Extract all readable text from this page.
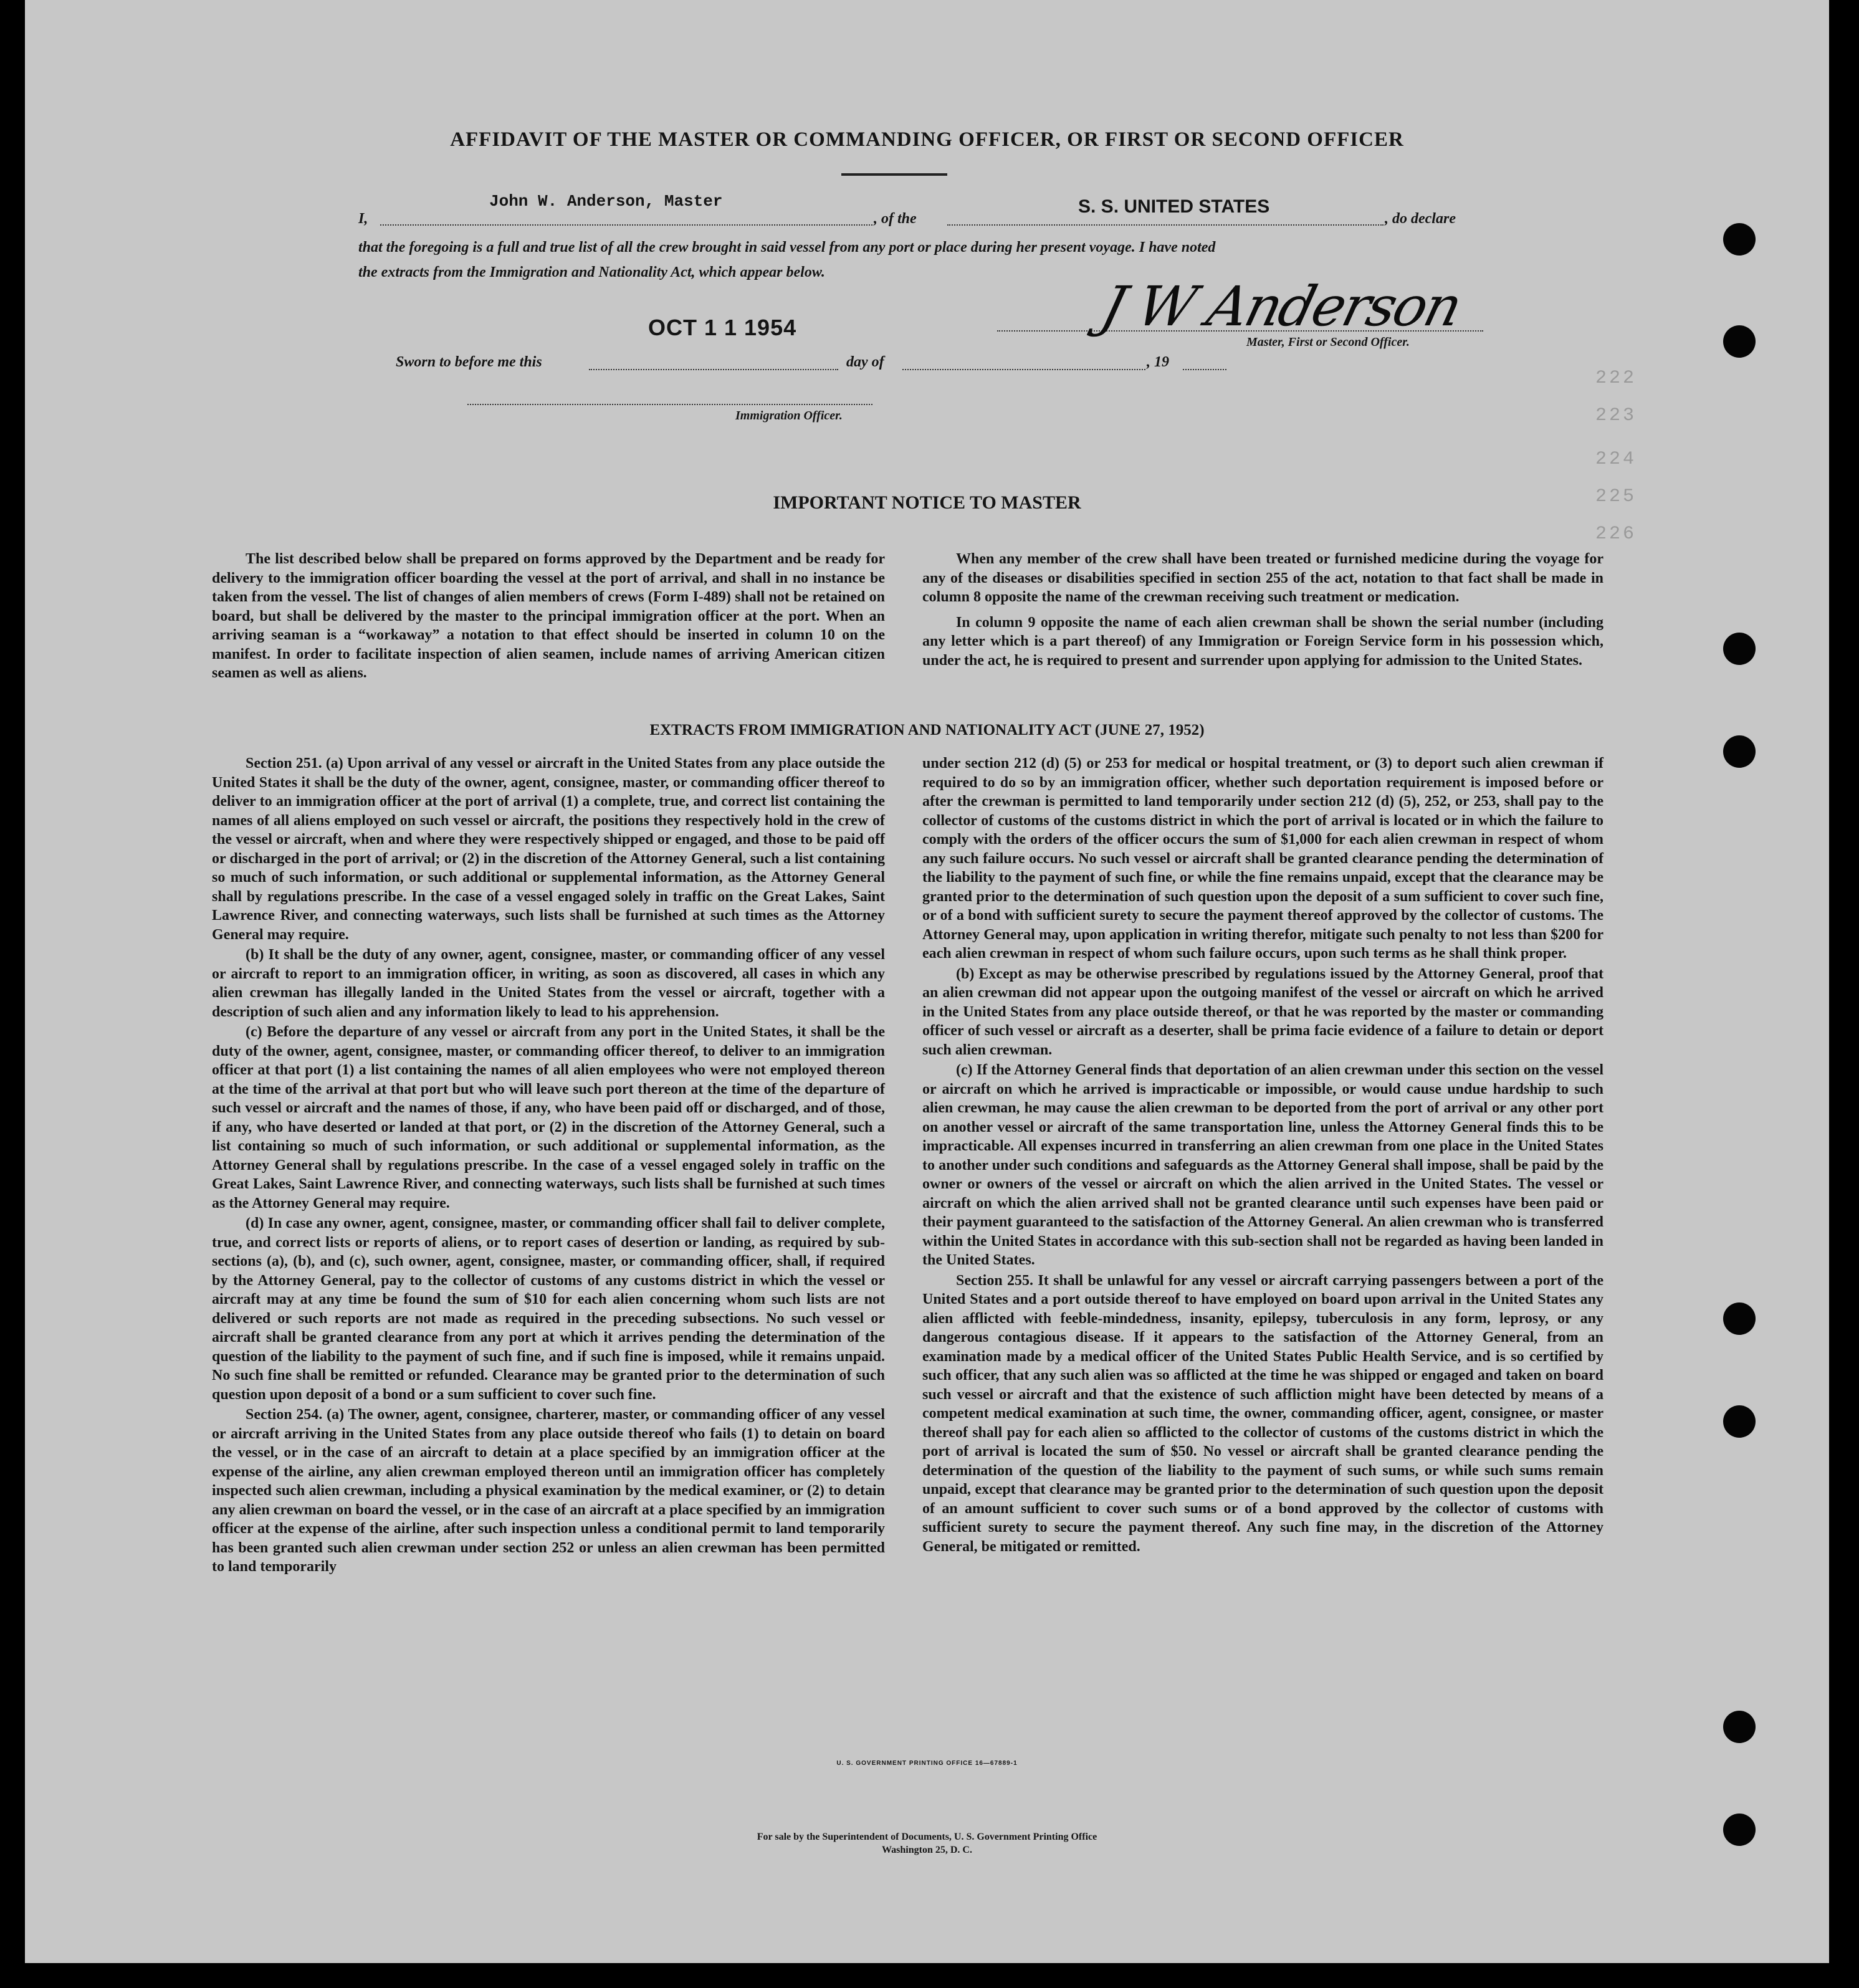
222
223
224
225
226
AFFIDAVIT OF THE MASTER OR COMMANDING OFFICER, OR FIRST OR SECOND OFFICER
I,
John W. Anderson, Master
, of the
S. S. UNITED STATES
, do declare
that the foregoing is a full and true list of all the crew brought in said vessel from any port or place during her present voyage. I have noted
the extracts from the Immigration and Nationality Act, which appear below.
OCT 1 1 1954	J W Anderson
Master, First or Second Officer.
Sworn to before me this	day of	, 19
Immigration Officer.
IMPORTANT NOTICE TO MASTER

The list described below shall be prepared on forms approved by the Department and be ready for delivery to the immigration officer boarding the vessel at the port of arrival, and shall in no instance be taken from the vessel. The list of changes of alien members of crews (Form I-489) shall not be retained on board, but shall be delivered by the master to the principal immigration officer at the port. When an arriving seaman is a “workaway” a notation to that effect should be inserted in column 10 on the manifest. In order to facilitate inspection of alien seamen, include names of arriving American citizen seamen as well as aliens.

When any member of the crew shall have been treated or furnished medicine during the voyage for any of the diseases or disabilities specified in section 255 of the act, notation to that fact shall be made in column 8 opposite the name of the crewman receiving such treatment or medication.

In column 9 opposite the name of each alien crewman shall be shown the serial number (including any letter which is a part thereof) of any Immigration or Foreign Service form in his possession which, under the act, he is required to present and surrender upon applying for admission to the United States.

EXTRACTS FROM IMMIGRATION AND NATIONALITY ACT (JUNE 27, 1952)

Section 251. (a) Upon arrival of any vessel or aircraft in the United States from any place outside the United States it shall be the duty of the owner, agent, consignee, master, or commanding officer thereof to deliver to an immigration officer at the port of arrival (1) a complete, true, and correct list containing the names of all aliens employed on such vessel or aircraft, the positions they respectively hold in the crew of the vessel or aircraft, when and where they were respectively shipped or engaged, and those to be paid off or discharged in the port of arrival; or (2) in the discretion of the Attorney General, such a list containing so much of such information, or such additional or supplemental information, as the Attorney General shall by regulations prescribe. In the case of a vessel engaged solely in traffic on the Great Lakes, Saint Lawrence River, and connecting waterways, such lists shall be furnished at such times as the Attorney General may require.

(b) It shall be the duty of any owner, agent, consignee, master, or commanding officer of any vessel or aircraft to report to an immigration officer, in writing, as soon as discovered, all cases in which any alien crewman has illegally landed in the United States from the vessel or aircraft, together with a description of such alien and any information likely to lead to his apprehension.

(c) Before the departure of any vessel or aircraft from any port in the United States, it shall be the duty of the owner, agent, consignee, master, or commanding officer thereof, to deliver to an immigration officer at that port (1) a list containing the names of all alien employees who were not employed thereon at the time of the arrival at that port but who will leave such port thereon at the time of the departure of such vessel or aircraft and the names of those, if any, who have been paid off or discharged, and of those, if any, who have deserted or landed at that port, or (2) in the discretion of the Attorney General, such a list containing so much of such information, or such additional or supplemental information, as the Attorney General shall by regulations prescribe. In the case of a vessel engaged solely in traffic on the Great Lakes, Saint Lawrence River, and connecting waterways, such lists shall be furnished at such times as the Attorney General may require.

(d) In case any owner, agent, consignee, master, or commanding officer shall fail to deliver complete, true, and correct lists or reports of aliens, or to report cases of desertion or landing, as required by sub-sections (a), (b), and (c), such owner, agent, consignee, master, or commanding officer, shall, if required by the Attorney General, pay to the collector of customs of any customs district in which the vessel or aircraft may at any time be found the sum of $10 for each alien concerning whom such lists are not delivered or such reports are not made as required in the preceding subsections. No such vessel or aircraft shall be granted clearance from any port at which it arrives pending the determination of the question of the liability to the payment of such fine, and if such fine is imposed, while it remains unpaid. No such fine shall be remitted or refunded. Clearance may be granted prior to the determination of such question upon deposit of a bond or a sum sufficient to cover such fine.

Section 254. (a) The owner, agent, consignee, charterer, master, or commanding officer of any vessel or aircraft arriving in the United States from any place outside thereof who fails (1) to detain on board the vessel, or in the case of an aircraft to detain at a place specified by an immigration officer at the expense of the airline, any alien crewman employed thereon until an immigration officer has completely inspected such alien crewman, including a physical examination by the medical examiner, or (2) to detain any alien crewman on board the vessel, or in the case of an aircraft at a place specified by an immigration officer at the expense of the airline, after such inspection unless a conditional permit to land temporarily has been granted such alien crewman under section 252 or unless an alien crewman has been permitted to land temporarily

under section 212 (d) (5) or 253 for medical or hospital treatment, or (3) to deport such alien crewman if required to do so by an immigration officer, whether such deportation requirement is imposed before or after the crewman is permitted to land temporarily under section 212 (d) (5), 252, or 253, shall pay to the collector of customs of the customs district in which the port of arrival is located or in which the failure to comply with the orders of the officer occurs the sum of $1,000 for each alien crewman in respect of whom any such failure occurs. No such vessel or aircraft shall be granted clearance pending the determination of the liability to the payment of such fine, or while the fine remains unpaid, except that the clearance may be granted prior to the determination of such question upon the deposit of a sum sufficient to cover such fine, or of a bond with sufficient surety to secure the payment thereof approved by the collector of customs. The Attorney General may, upon application in writing therefor, mitigate such penalty to not less than $200 for each alien crewman in respect of whom such failure occurs, upon such terms as he shall think proper.

(b) Except as may be otherwise prescribed by regulations issued by the Attorney General, proof that an alien crewman did not appear upon the outgoing manifest of the vessel or aircraft on which he arrived in the United States from any place outside thereof, or that he was reported by the master or commanding officer of such vessel or aircraft as a deserter, shall be prima facie evidence of a failure to detain or deport such alien crewman.

(c) If the Attorney General finds that deportation of an alien crewman under this section on the vessel or aircraft on which he arrived is impracticable or impossible, or would cause undue hardship to such alien crewman, he may cause the alien crewman to be deported from the port of arrival or any other port on another vessel or aircraft of the same transportation line, unless the Attorney General finds this to be impracticable. All expenses incurred in transferring an alien crewman from one place in the United States to another under such conditions and safeguards as the Attorney General shall impose, shall be paid by the owner or owners of the vessel or aircraft on which the alien arrived in the United States. The vessel or aircraft on which the alien arrived shall not be granted clearance until such expenses have been paid or their payment guaranteed to the satisfaction of the Attorney General. An alien crewman who is transferred within the United States in accordance with this sub-section shall not be regarded as having been landed in the United States.

Section 255. It shall be unlawful for any vessel or aircraft carrying passengers between a port of the United States and a port outside thereof to have employed on board upon arrival in the United States any alien afflicted with feeble-mindedness, insanity, epilepsy, tuberculosis in any form, leprosy, or any dangerous contagious disease. If it appears to the satisfaction of the Attorney General, from an examination made by a medical officer of the United States Public Health Service, and is so certified by such officer, that any such alien was so afflicted at the time he was shipped or engaged and taken on board such vessel or aircraft and that the existence of such affliction might have been detected by means of a competent medical examination at such time, the owner, commanding officer, agent, consignee, or master thereof shall pay for each alien so afflicted to the collector of customs of the customs district in which the port of arrival is located the sum of $50. No vessel or aircraft shall be granted clearance pending the determination of the question of the liability to the payment of such sums, or while such sums remain unpaid, except that clearance may be granted prior to the determination of such question upon the deposit of an amount sufficient to cover such sums or of a bond approved by the collector of customs with sufficient surety to secure the payment thereof. Any such fine may, in the discretion of the Attorney General, be mitigated or remitted.

U. S. GOVERNMENT PRINTING OFFICE 16—67889-1
For sale by the Superintendent of Documents, U. S. Government Printing Office
Washington 25, D. C.
